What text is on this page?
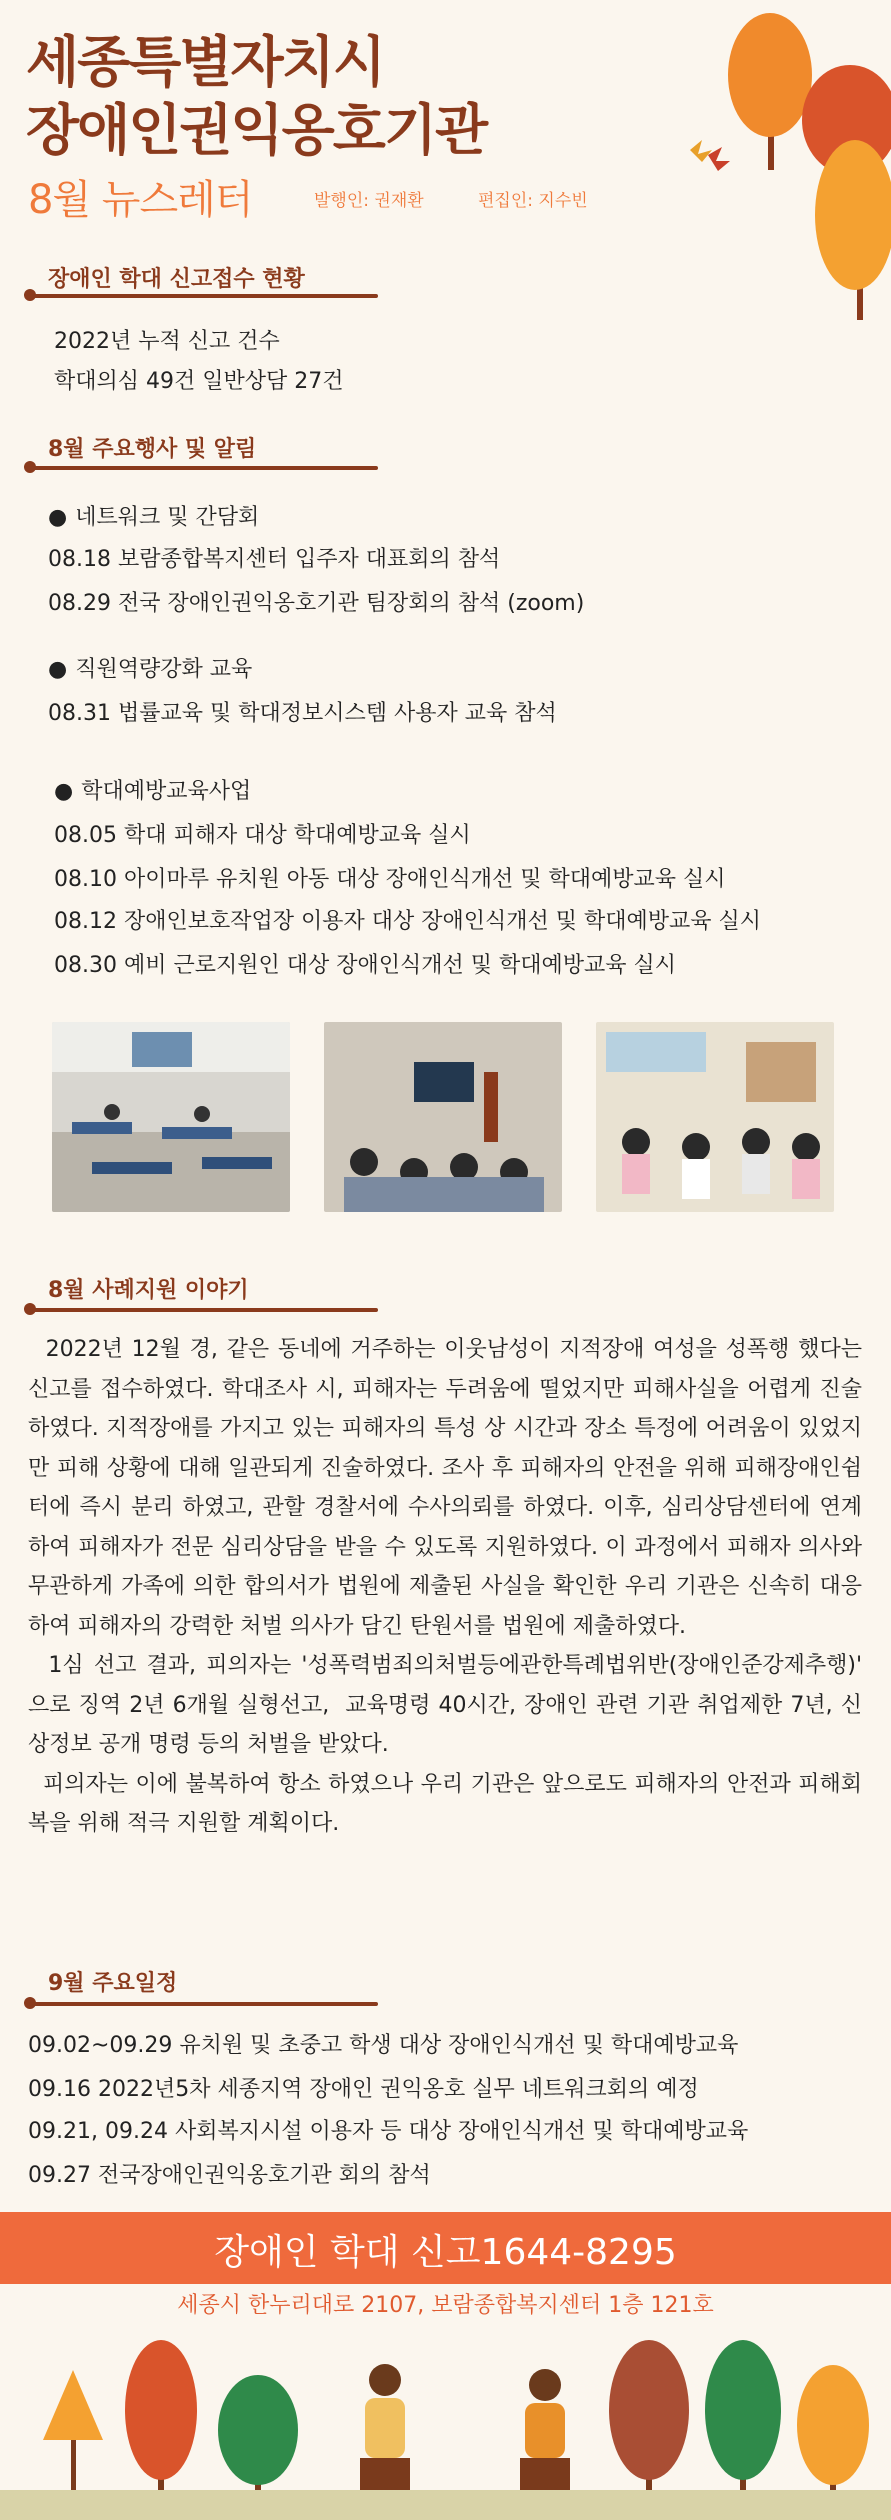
세종특별자치시
장애인권익옹호기관
8월 뉴스레터	발행인: 권재환	편집인: 지수빈
장애인 학대 신고접수 현황
2022년 누적 신고 건수
학대의심 49건 일반상담 27건
8월 주요행사 및 알림
● 네트워크 및 간담회
08.18 보람종합복지센터 입주자 대표회의 참석
08.29 전국 장애인권익옹호기관 팀장회의 참석 (zoom)
● 직원역량강화 교육
08.31 법률교육 및 학대정보시스템 사용자 교육 참석
● 학대예방교육사업
08.05 학대 피해자 대상 학대예방교육 실시
08.10 아이마루 유치원 아동 대상 장애인식개선 및 학대예방교육 실시
08.12 장애인보호작업장 이용자 대상 장애인식개선 및 학대예방교육 실시
08.30 예비 근로지원인 대상 장애인식개선 및 학대예방교육 실시
8월 사례지원 이야기
2022년 12월 경, 같은 동네에 거주하는 이웃남성이 지적장애 여성을 성폭행 했다는 신고를 접수하였다. 학대조사 시, 피해자는 두려움에 떨었지만 피해사실을 어렵게 진술하였다. 지적장애를 가지고 있는 피해자의 특성 상 시간과 장소 특정에 어려움이 있었지만 피해 상황에 대해 일관되게 진술하였다. 조사 후 피해자의 안전을 위해 피해장애인쉼터에 즉시 분리 하였고, 관할 경찰서에 수사의뢰를 하였다. 이후, 심리상담센터에 연계하여 피해자가 전문 심리상담을 받을 수 있도록 지원하였다. 이 과정에서 피해자 의사와 무관하게 가족에 의한 합의서가 법원에 제출된 사실을 확인한 우리 기관은 신속히 대응하여 피해자의 강력한 처벌 의사가 담긴 탄원서를 법원에 제출하였다.
1심 선고 결과, 피의자는 '성폭력범죄의처벌등에관한특례법위반(장애인준강제추행)' 으로 징역 2년 6개월 실형선고,  교육명령 40시간, 장애인 관련 기관 취업제한 7년, 신상정보 공개 명령 등의 처벌을 받았다.
피의자는 이에 불복하여 항소 하였으나 우리 기관은 앞으로도 피해자의 안전과 피해회복을 위해 적극 지원할 계획이다.
9월 주요일정
09.02~09.29 유치원 및 초중고 학생 대상 장애인식개선 및 학대예방교육
09.16 2022년5차 세종지역 장애인 권익옹호 실무 네트워크회의 예정
09.21, 09.24 사회복지시설 이용자 등 대상 장애인식개선 및 학대예방교육
09.27 전국장애인권익옹호기관 회의 참석
장애인 학대 신고1644-8295
세종시 한누리대로 2107, 보람종합복지센터 1층 121호
